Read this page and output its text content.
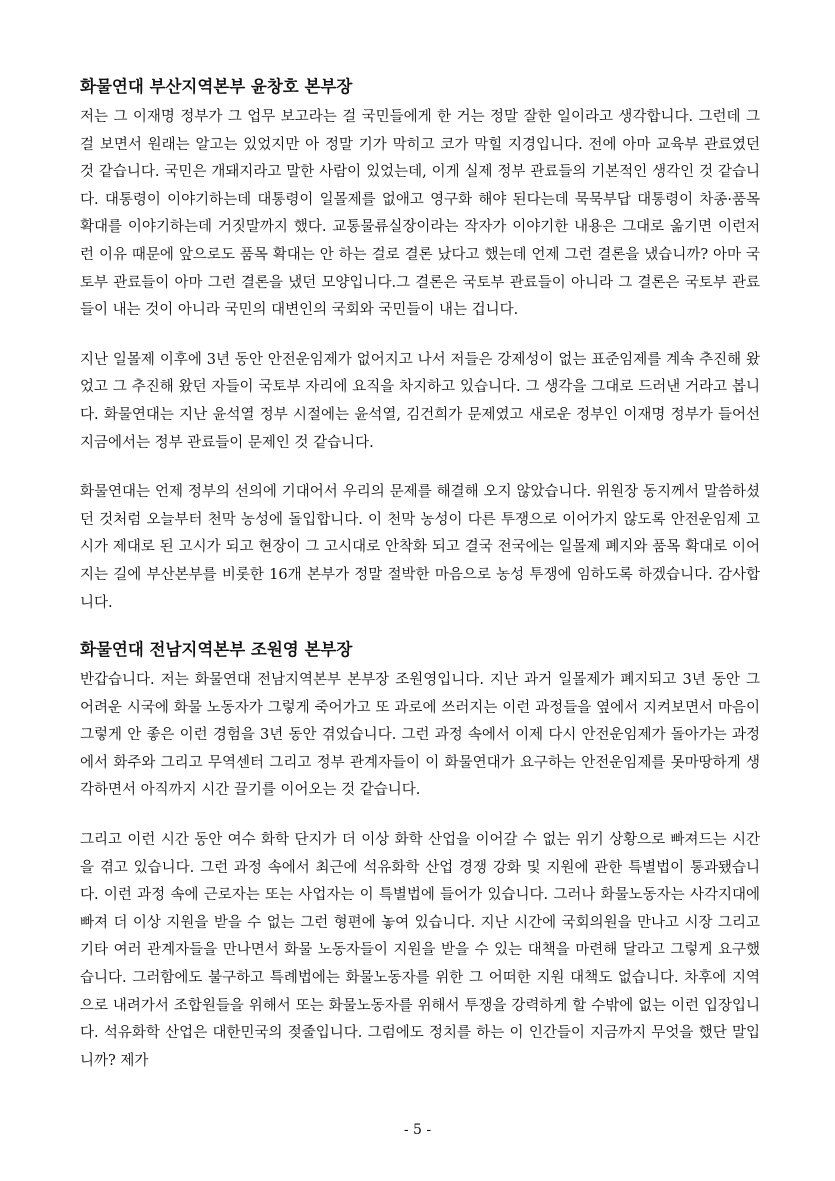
화물연대 부산지역본부 윤창호 본부장

저는 그 이재명 정부가 그 업무 보고라는 걸 국민들에게 한 거는 정말 잘한 일이라고 생각합니다. 그런데 그걸 보면서 원래는 알고는 있었지만 아 정말 기가 막히고 코가 막힐 지경입니다. 전에 아마 교육부 관료였던 것 같습니다. 국민은 개돼지라고 말한 사람이 있었는데, 이게 실제 정부 관료들의 기본적인 생각인 것 같습니다. 대통령이 이야기하는데 대통령이 일몰제를 없애고 영구화 해야 된다는데 묵묵부답 대통령이 차종·품목 확대를 이야기하는데 거짓말까지 했다. 교통물류실장이라는 작자가 이야기한 내용은 그대로 옮기면 이런저런 이유 때문에 앞으로도 품목 확대는 안 하는 걸로 결론 났다고 했는데 언제 그런 결론을 냈습니까? 아마 국토부 관료들이 아마 그런 결론을 냈던 모양입니다.그 결론은 국토부 관료들이 아니라 그 결론은 국토부 관료들이 내는 것이 아니라 국민의 대변인의 국회와 국민들이 내는 겁니다.

지난 일몰제 이후에 3년 동안 안전운임제가 없어지고 나서 저들은 강제성이 없는 표준임제를 계속 추진해 왔었고 그 추진해 왔던 자들이 국토부 자리에 요직을 차지하고 있습니다. 그 생각을 그대로 드러낸 거라고 봅니다. 화물연대는 지난 윤석열 정부 시절에는 윤석열, 김건희가 문제였고 새로운 정부인 이재명 정부가 들어선 지금에서는 정부 관료들이 문제인 것 같습니다.

화물연대는 언제 정부의 선의에 기대어서 우리의 문제를 해결해 오지 않았습니다. 위원장 동지께서 말씀하셨던 것처럼 오늘부터 천막 농성에 돌입합니다. 이 천막 농성이 다른 투쟁으로 이어가지 않도록 안전운임제 고시가 제대로 된 고시가 되고 현장이 그 고시대로 안착화 되고 결국 전국에는 일몰제 폐지와 품목 확대로 이어지는 길에 부산본부를 비롯한 16개 본부가 정말 절박한 마음으로 농성 투쟁에 임하도록 하겠습니다. 감사합니다.

화물연대 전남지역본부 조원영 본부장

반갑습니다. 저는 화물연대 전남지역본부 본부장 조원영입니다. 지난 과거 일몰제가 폐지되고 3년 동안 그 어려운 시국에 화물 노동자가 그렇게 죽어가고 또 과로에 쓰러지는 이런 과정들을 옆에서 지켜보면서 마음이 그렇게 안 좋은 이런 경험을 3년 동안 겪었습니다. 그런 과정 속에서 이제 다시 안전운임제가 돌아가는 과정에서 화주와 그리고 무역센터 그리고 정부 관계자들이 이 화물연대가 요구하는 안전운임제를 못마땅하게 생각하면서 아직까지 시간 끌기를 이어오는 것 같습니다.

그리고 이런 시간 동안 여수 화학 단지가 더 이상 화학 산업을 이어갈 수 없는 위기 상황으로 빠져드는 시간을 겪고 있습니다. 그런 과정 속에서 최근에 석유화학 산업 경쟁 강화 및 지원에 관한 특별법이 통과됐습니다. 이런 과정 속에 근로자는 또는 사업자는 이 특별법에 들어가 있습니다. 그러나 화물노동자는 사각지대에 빠져 더 이상 지원을 받을 수 없는 그런 형편에 놓여 있습니다. 지난 시간에 국회의원을 만나고 시장 그리고 기타 여러 관계자들을 만나면서 화물 노동자들이 지원을 받을 수 있는 대책을 마련해 달라고 그렇게 요구했습니다. 그러함에도 불구하고 특례법에는 화물노동자를 위한 그 어떠한 지원 대책도 없습니다. 차후에 지역으로 내려가서 조합원들을 위해서 또는 화물노동자를 위해서 투쟁을 강력하게 할 수밖에 없는 이런 입장입니다. 석유화학 산업은 대한민국의 젖줄입니다. 그럼에도 정치를 하는 이 인간들이 지금까지 무엇을 했단 말입니까? 제가

- 5 -
